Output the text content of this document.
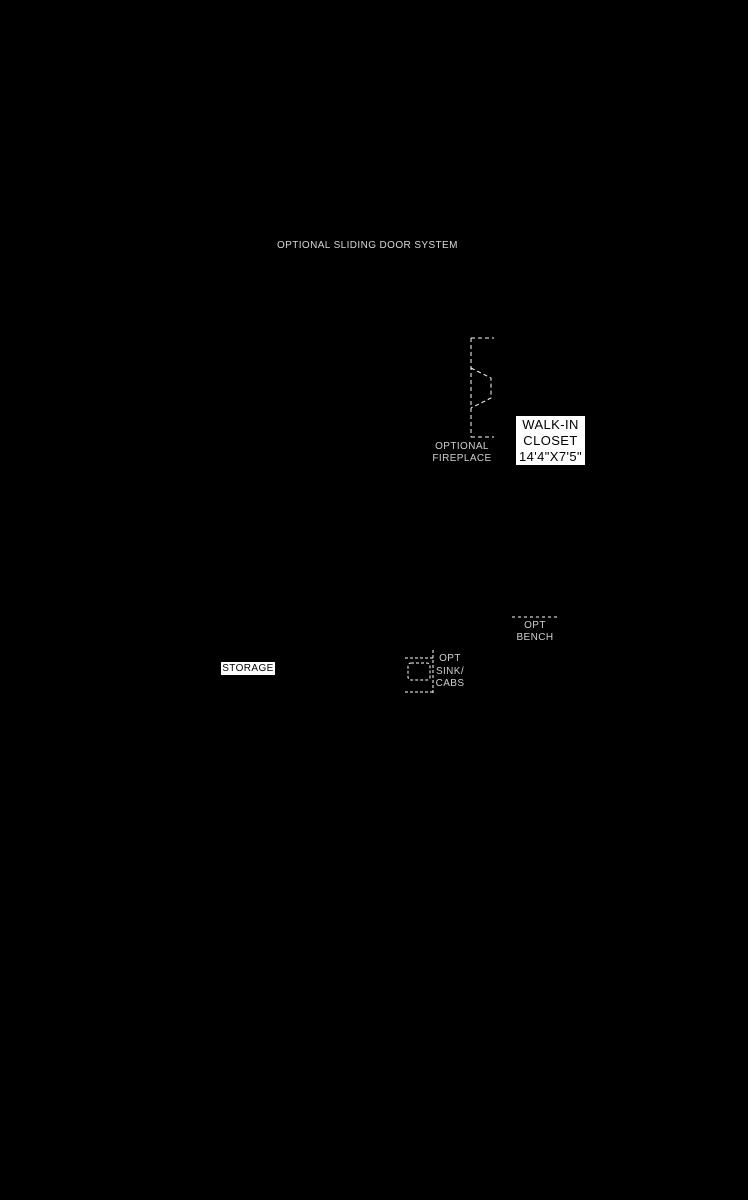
OPTIONAL SLIDING DOOR SYSTEM
OPTIONAL
FIREPLACE
WALK-IN
CLOSET
14'4"X7'5"
OPT
BENCH
STORAGE
OPT
SINK/
CABS
